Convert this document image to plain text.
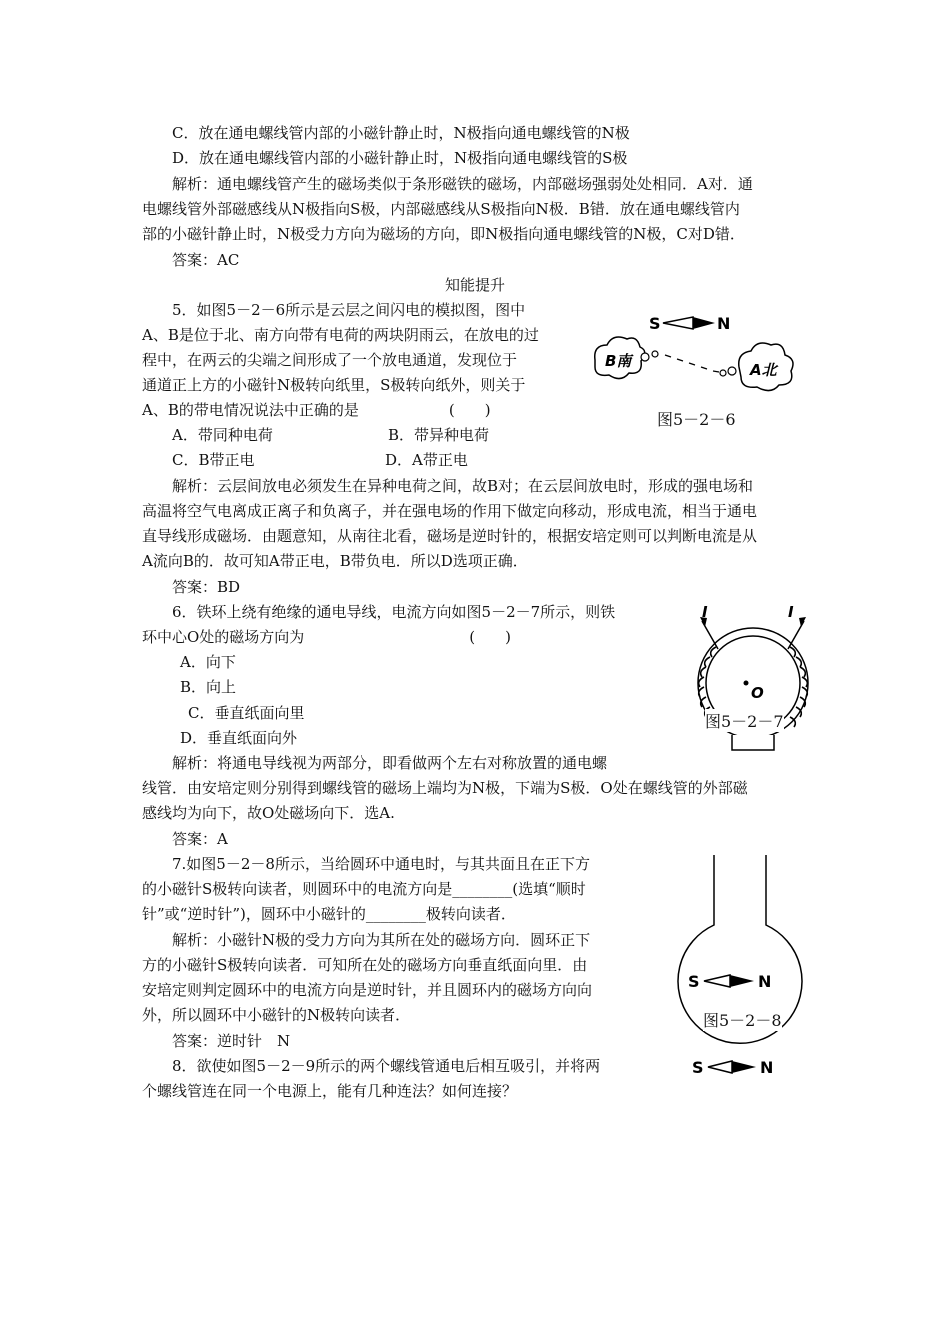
C．放在通电螺线管内部的小磁针静止时，N极指向通电螺线管的N极
D．放在通电螺线管内部的小磁针静止时，N极指向通电螺线管的S极
解析：通电螺线管产生的磁场类似于条形磁铁的磁场，内部磁场强弱处处相同．A对．通
电螺线管外部磁感线从N极指向S极，内部磁感线从S极指向N极．B错．放在通电螺线管内
部的小磁针静止时，N极受力方向为磁场的方向，即N极指向通电螺线管的N极，C对D错．
答案：AC
知能提升
5．如图5－2－6所示是云层之间闪电的模拟图，图中
A、B是位于北、南方向带有电荷的两块阴雨云，在放电的过
程中，在两云的尖端之间形成了一个放电通道，发现位于
通道正上方的小磁针N极转向纸里，S极转向纸外，则关于
A、B的带电情况说法中正确的是　　　　　　(　　)
A．带同种电荷	B．带异种电荷
C．B带正电	D．A带正电
解析：云层间放电必须发生在异种电荷之间，故B对；在云层间放电时，形成的强电场和
高温将空气电离成正离子和负离子，并在强电场的作用下做定向移动，形成电流，相当于通电
直导线形成磁场．由题意知，从南往北看，磁场是逆时针的，根据安培定则可以判断电流是从
A流向B的．故可知A带正电，B带负电．所以D选项正确．
答案：BD
6．铁环上绕有绝缘的通电导线，电流方向如图5－2－7所示，则铁
环中心O处的磁场方向为　　　　　　　　　　　(　　)
A．向下
B．向上
C．垂直纸面向里
D．垂直纸面向外
解析：将通电导线视为两部分，即看做两个左右对称放置的通电螺
线管．由安培定则分别得到螺线管的磁场上端均为N极，下端为S极．O处在螺线管的外部磁
感线均为向下，故O处磁场向下．选A.
答案：A
7.如图5－2－8所示，当给圆环中通电时，与其共面且在正下方
的小磁针S极转向读者，则圆环中的电流方向是________(选填“顺时
针”或“逆时针”)，圆环中小磁针的________极转向读者．
解析：小磁针N极的受力方向为其所在处的磁场方向．圆环正下
方的小磁针S极转向读者．可知所在处的磁场方向垂直纸面向里．由
安培定则判定圆环中的电流方向是逆时针，并且圆环内的磁场方向向
外，所以圆环中小磁针的N极转向读者．
答案：逆时针　N
8．欲使如图5－2－9所示的两个螺线管通电后相互吸引，并将两
个螺线管连在同一个电源上，能有几种连法？如何连接？
S	N
B南	A北
图5－2－6
I	I
O
图5－2－7
S	N
S	N
图5－2－8
